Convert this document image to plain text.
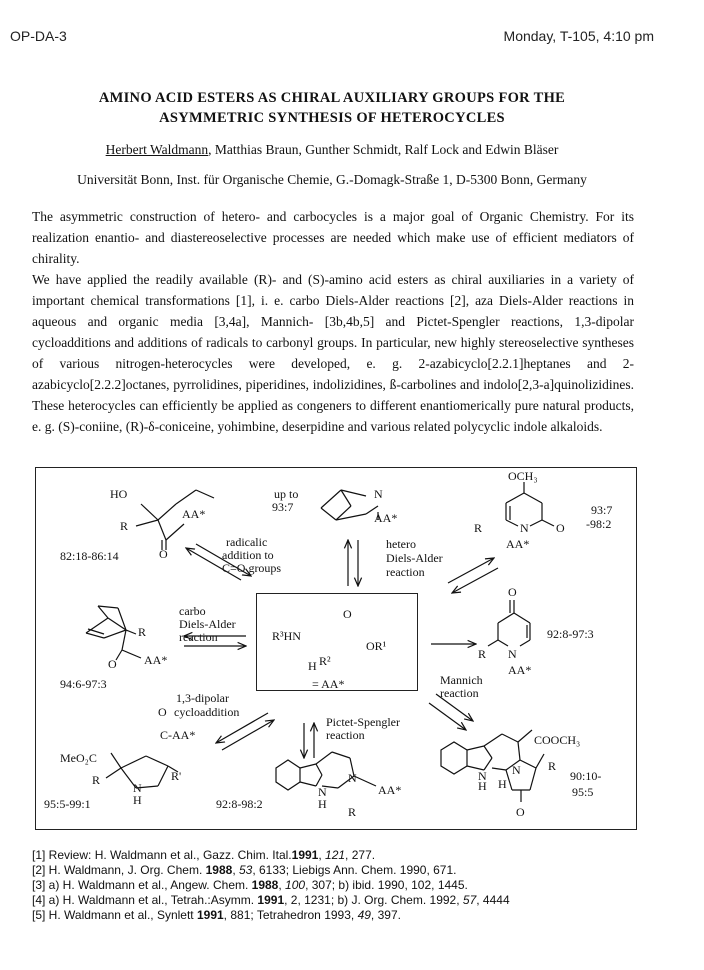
OP-DA-3	Monday, T-105, 4:10 pm
AMINO ACID ESTERS AS CHIRAL AUXILIARY GROUPS FOR THE
ASYMMETRIC SYNTHESIS OF HETEROCYCLES
Herbert Waldmann, Matthias Braun, Gunther Schmidt, Ralf Lock and Edwin Bläser
Universität Bonn, Inst. für Organische Chemie, G.-Domagk-Straße 1, D-5300 Bonn, Germany

The asymmetric construction of hetero- and carbocycles is a major goal of Organic Chemistry. For its realization enantio- and diastereoselective processes are needed which make use of efficient mediators of chirality.

We have applied the readily available (R)- and (S)-amino acid esters as chiral auxiliaries in a variety of important chemical transformations [1], i. e. carbo Diels-Alder reactions [2], aza Diels-Alder reactions in aqueous and organic media [3,4a], Mannich- [3b,4b,5] and Pictet-Spengler reactions, 1,3-dipolar cycloadditions and additions of radicals to carbonyl groups. In particular, new highly stereoselective syntheses of various nitrogen-heterocycles were developed, e. g. 2-azabicyclo[2.2.1]heptanes and 2-azabicyclo[2.2.2]octanes, pyrrolidines, piperidines, indolizidines, ß-carbolines and indolo[2,3-a]quinolizidines. These heterocycles can efficiently be applied as congeners to different enantiomerically pure natural products, e. g. (S)-coniine, (R)-δ-coniceine, yohimbine, deserpidine and various related polycyclic indole alkaloids.

O
R³HN
OR¹
R²
H
= AA*
HO
AA*
R
O
82:18-86:14
radicalic
addition to
C=O groups
up to
93:7
N
AA*
OCH₃
R	N O
AA*
93:7
-98:2
hetero
Diels-Alder
reaction
carbo
Diels-Alder
reaction
R
O AA*
94:6-97:3
O
R N
AA*
92:8-97:3
Mannich
reaction
1,3-dipolar
cycloaddition
O
C-AA*
MeO₂C
R	R'
N
H
95:5-99:1
Pictet-Spengler
reaction
N
H
N
AA*
R
92:8-98:2
COOCH₃
N
H
N
H
R
O
90:10-
95:5
[1] Review: H. Waldmann et al., Gazz. Chim. Ital.1991, 121, 277.
[2] H. Waldmann, J. Org. Chem. 1988, 53, 6133; Liebigs Ann. Chem. 1990, 671.
[3] a) H. Waldmann et al., Angew. Chem. 1988, 100, 307; b) ibid. 1990, 102, 1445.
[4] a) H. Waldmann et al., Tetrah.:Asymm. 1991, 2, 1231; b) J. Org. Chem. 1992, 57, 4444
[5] H. Waldmann et al., Synlett 1991, 881; Tetrahedron 1993, 49, 397.
